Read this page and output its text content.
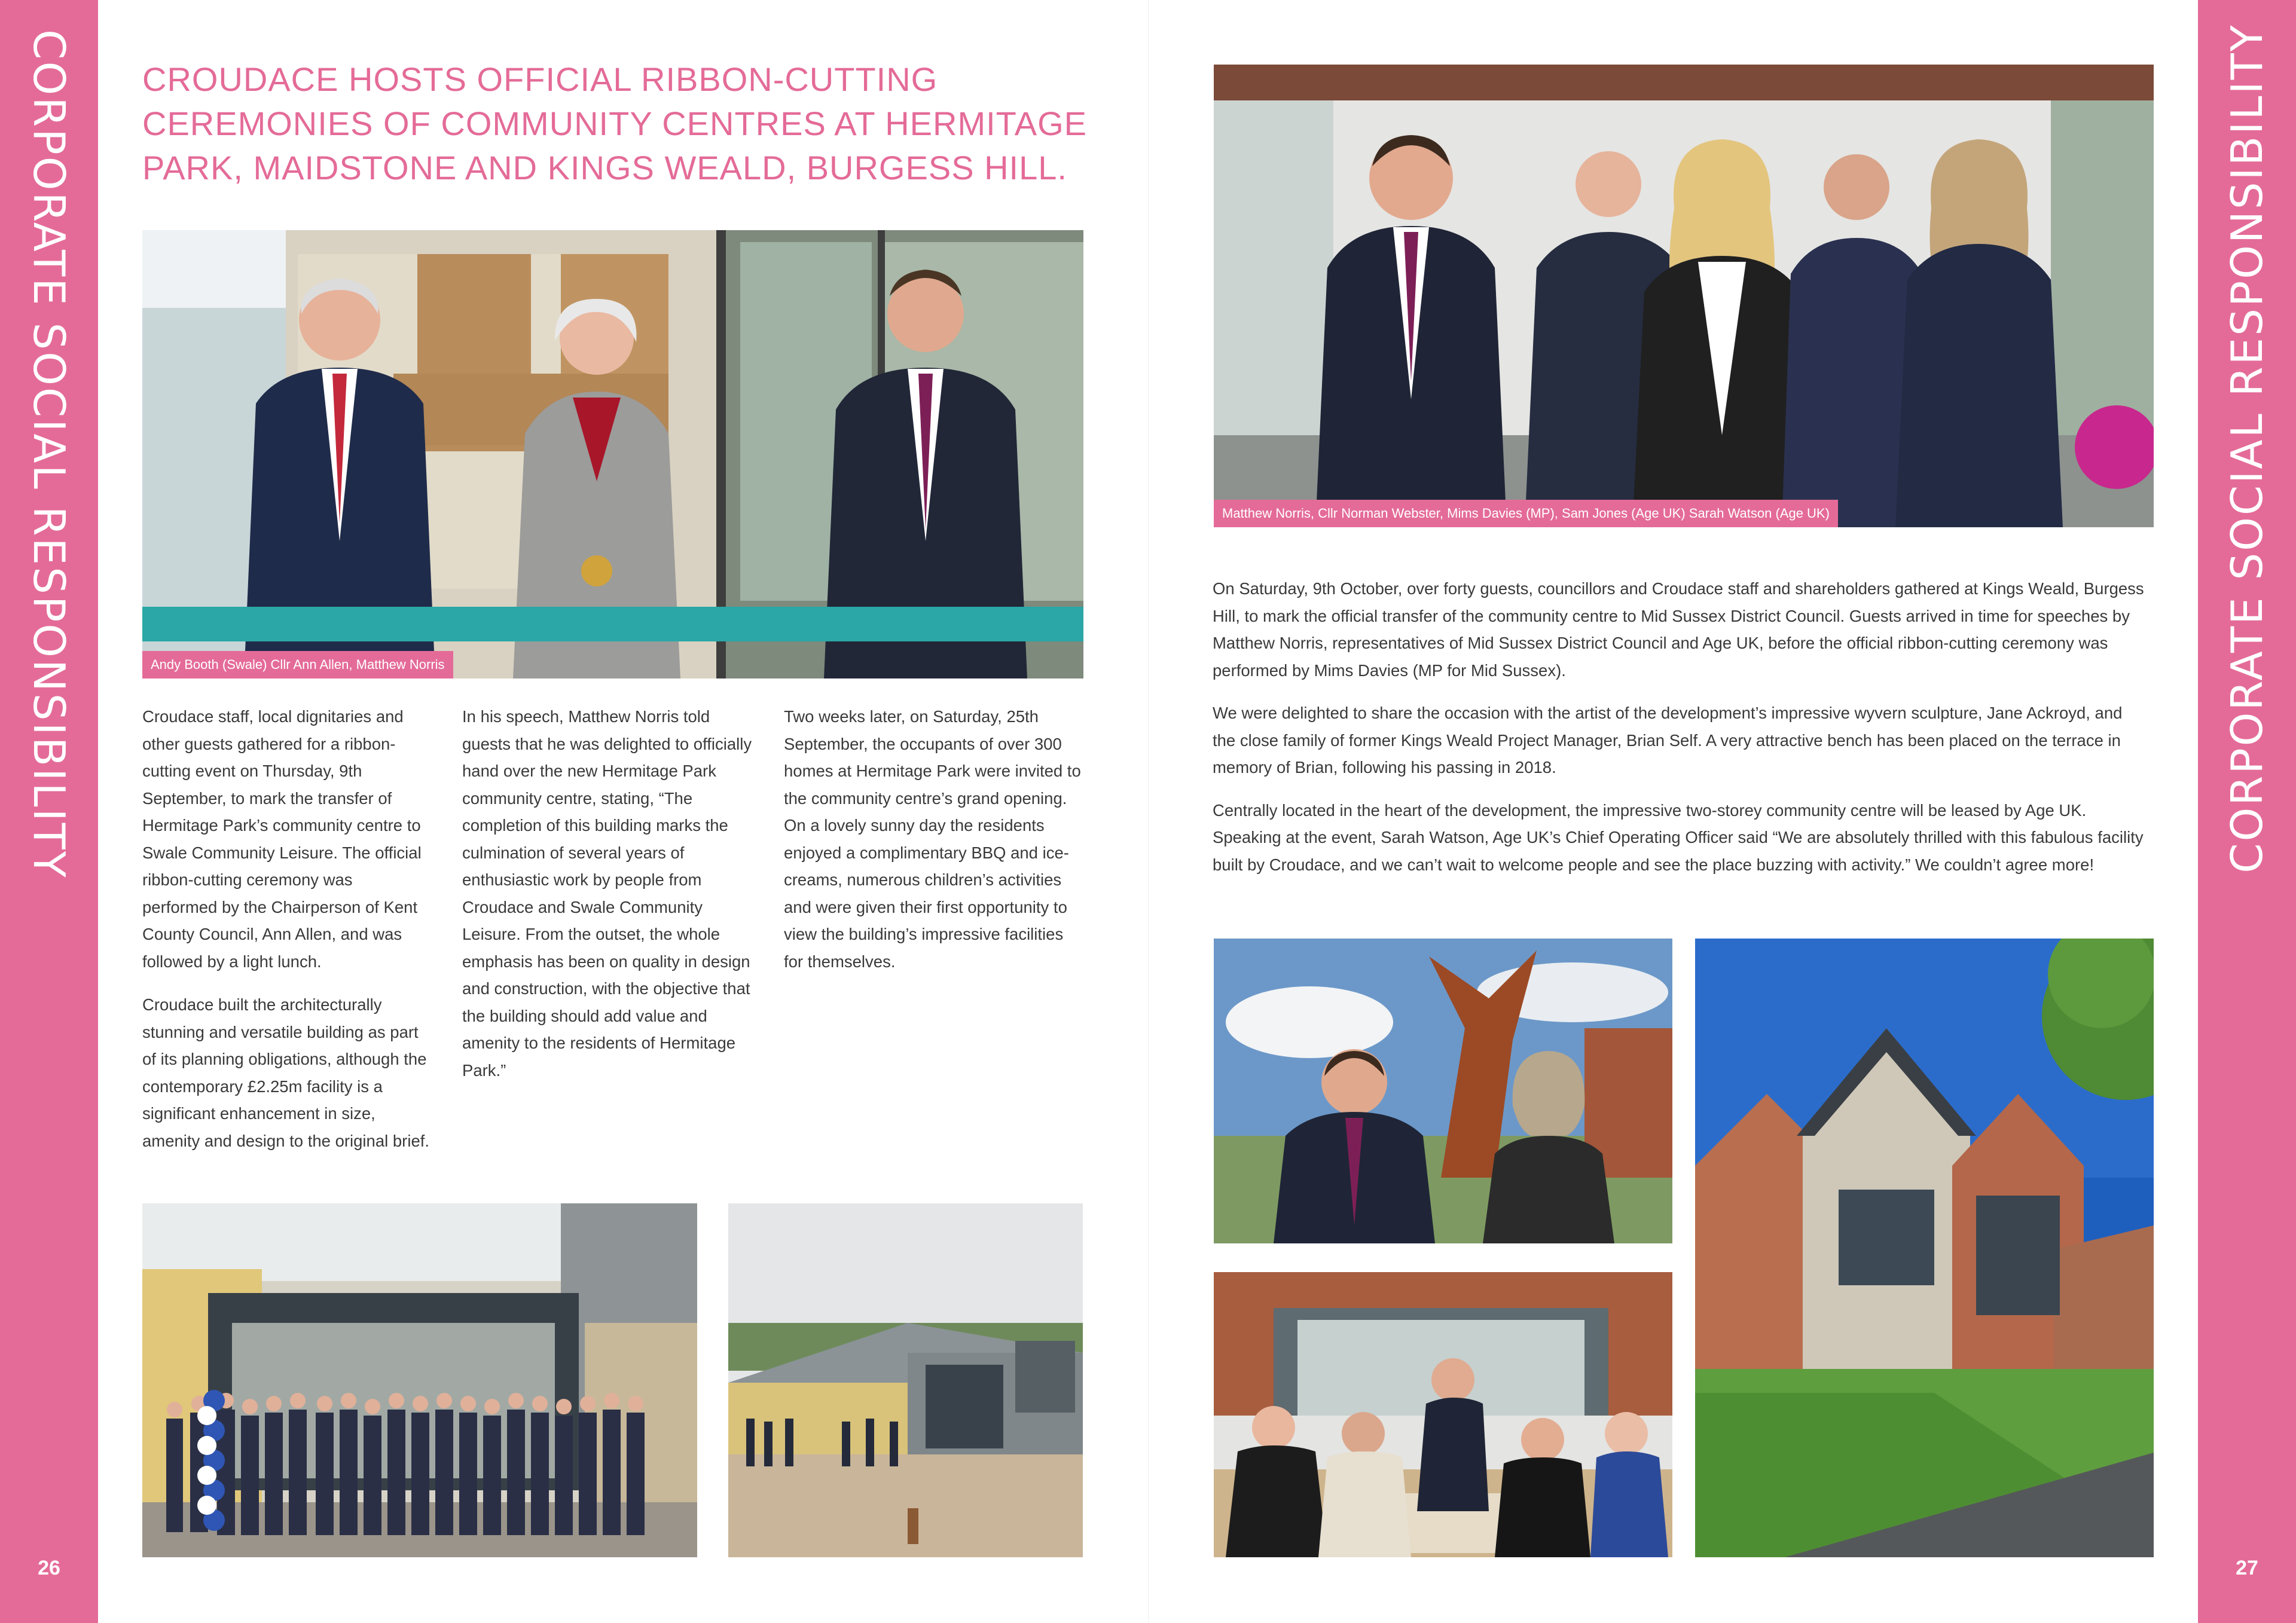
CORPORATE SOCIAL RESPONSIBILITY
26
CORPORATE SOCIAL RESPONSIBILITY
27
CROUDACE HOSTS OFFICIAL RIBBON-CUTTING CEREMONIES OF COMMUNITY CENTRES AT HERMITAGE PARK, MAIDSTONE AND KINGS WEALD, BURGESS HILL.
Andy Booth (Swale) Cllr Ann Allen, Matthew Norris

Croudace staff, local dignitaries and other guests gathered for a ribbon-cutting event on Thursday, 9th September, to mark the transfer of Hermitage Park’s community centre to Swale Community Leisure. The official ribbon-cutting ceremony was performed by the Chairperson of Kent County Council, Ann Allen, and was followed by a light lunch.

Croudace built the architecturally stunning and versatile building as part of its planning obligations, although the contemporary £2.25m facility is a significant enhancement in size, amenity and design to the original brief.

In his speech, Matthew Norris told guests that he was delighted to officially hand over the new Hermitage Park community centre, stating, “The completion of this building marks the culmination of several years of enthusiastic work by people from Croudace and Swale Community Leisure. From the outset, the whole emphasis has been on quality in design and construction, with the objective that the building should add value and amenity to the residents of Hermitage Park.”

Two weeks later, on Saturday, 25th September, the occupants of over 300 homes at Hermitage Park were invited to the community centre’s grand opening. On a lovely sunny day the residents enjoyed a complimentary BBQ and ice-creams, numerous children’s activities and were given their first opportunity to view the building’s impressive facilities for themselves.

Matthew Norris, Cllr Norman Webster, Mims Davies (MP), Sam Jones (Age UK) Sarah Watson (Age UK)

On Saturday, 9th October, over forty guests, councillors and Croudace staff and shareholders gathered at Kings Weald, Burgess Hill, to mark the official transfer of the community centre to Mid Sussex District Council. Guests arrived in time for speeches by Matthew Norris, representatives of Mid Sussex District Council and Age UK, before the official ribbon-cutting ceremony was performed by Mims Davies (MP for Mid Sussex).

We were delighted to share the occasion with the artist of the development’s impressive wyvern sculpture, Jane Ackroyd, and the close family of former Kings Weald Project Manager, Brian Self. A very attractive bench has been placed on the terrace in memory of Brian, following his passing in 2018.

Centrally located in the heart of the development, the impressive two-storey community centre will be leased by Age UK. Speaking at the event, Sarah Watson, Age UK’s Chief Operating Officer said “We are absolutely thrilled with this fabulous facility built by Croudace, and we can’t wait to welcome people and see the place buzzing with activity.” We couldn’t agree more!
